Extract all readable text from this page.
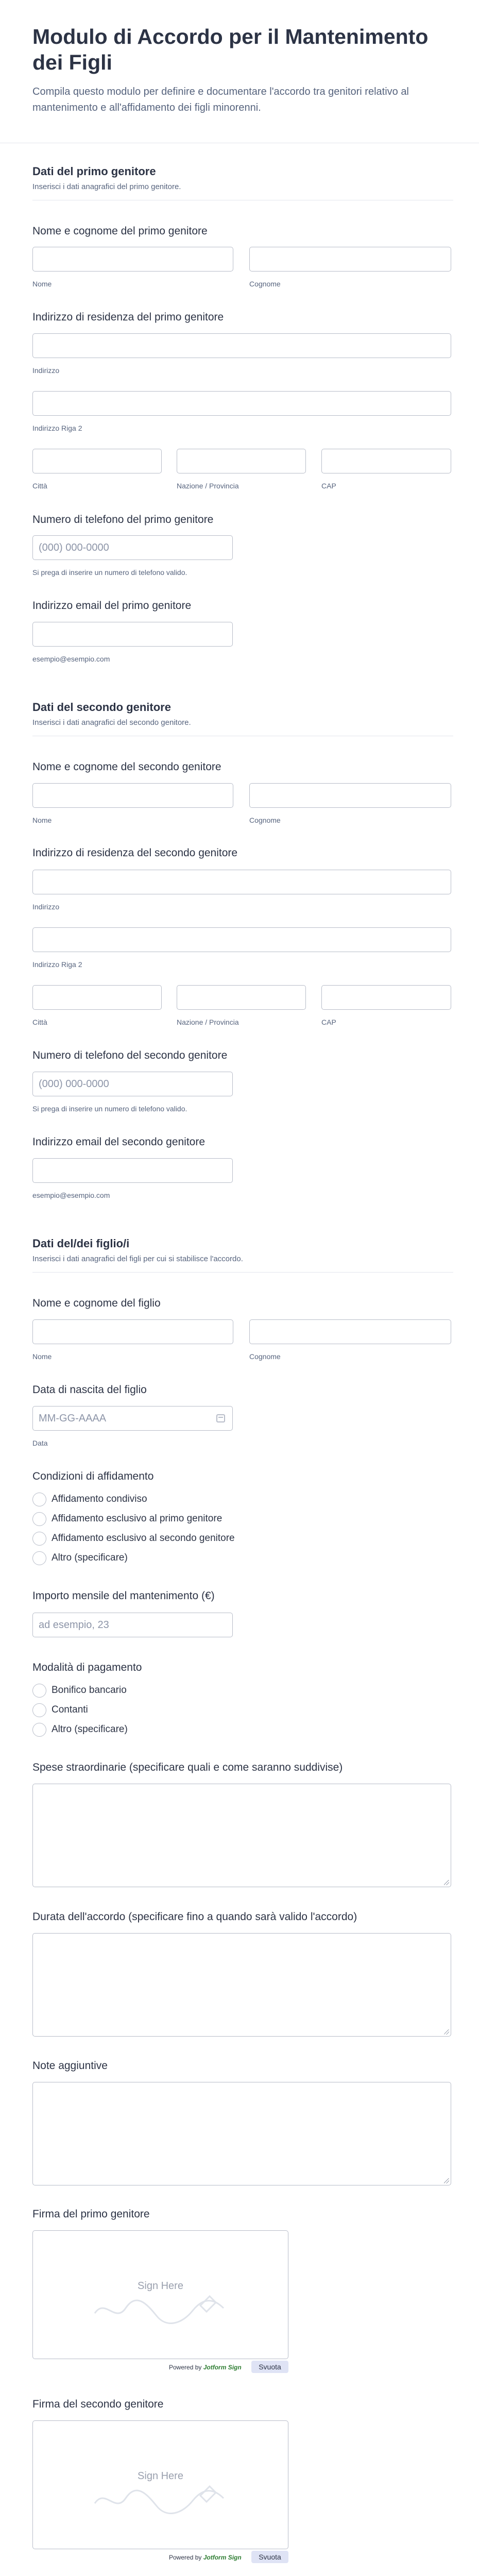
Modulo di Accordo per il Mantenimento dei Figli
Compila questo modulo per definire e documentare l'accordo tra genitori relativo al mantenimento e all'affidamento dei figli minorenni.
Dati del primo genitore
Inserisci i dati anagrafici del primo genitore.
Nome e cognome del primo genitore
Nome	Cognome
Indirizzo di residenza del primo genitore
Indirizzo
Indirizzo Riga 2
Città	Nazione / Provincia	CAP
Numero di telefono del primo genitore
(000) 000-0000
Si prega di inserire un numero di telefono valido.
Indirizzo email del primo genitore
esempio@esempio.com
Dati del secondo genitore
Inserisci i dati anagrafici del secondo genitore.
Nome e cognome del secondo genitore
Nome	Cognome
Indirizzo di residenza del secondo genitore
Indirizzo
Indirizzo Riga 2
Città	Nazione / Provincia	CAP
Numero di telefono del secondo genitore
(000) 000-0000
Si prega di inserire un numero di telefono valido.
Indirizzo email del secondo genitore
esempio@esempio.com
Dati del/dei figlio/i
Inserisci i dati anagrafici del figli per cui si stabilisce l'accordo.
Nome e cognome del figlio
Nome	Cognome
Data di nascita del figlio
MM-GG-AAAA
Data
Condizioni di affidamento
Affidamento condiviso
Affidamento esclusivo al primo genitore
Affidamento esclusivo al secondo genitore
Altro (specificare)
Importo mensile del mantenimento (€)
ad esempio, 23
Modalità di pagamento
Bonifico bancario
Contanti
Altro (specificare)
Spese straordinarie (specificare quali e come saranno suddivise)
Durata dell'accordo (specificare fino a quando sarà valido l'accordo)
Note aggiuntive
Firma del primo genitore
Sign Here
Powered by Jotform Sign	Svuota
Firma del secondo genitore
Sign Here
Powered by Jotform Sign	Svuota
